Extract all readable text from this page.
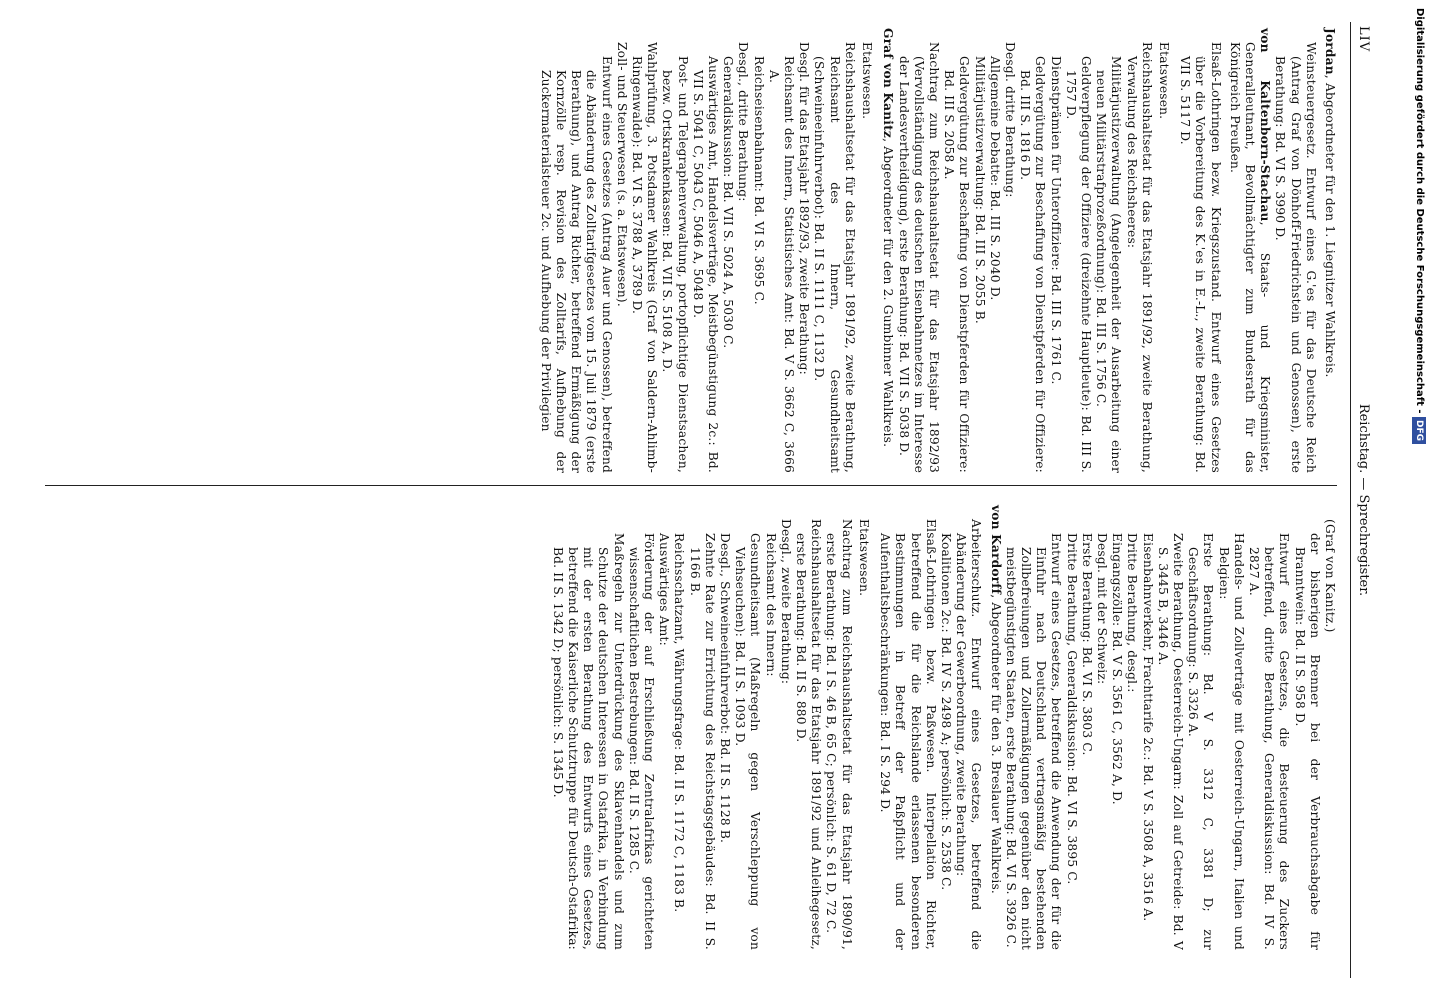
LIV
Reichstag. — Sprechregister.

Jordan, Abgeordneter für den 1. Liegnitzer Wahlkreis.

Weinsteuergesetz. Entwurf eines G.'es für das Deutsche Reich (Antrag Graf von Dönhoff-Friedrichstein und Genossen), erste Berathung: Bd. VI S. 3990 D.

von Kaltenborn-Stachau, Staats- und Kriegsminister, Generalleutnant, Bevollmächtigter zum Bundesrath für das Königreich Preußen.

Elsaß-Lothringen bezw. Kriegszustand. Entwurf eines Gesetzes über die Vorbereitung des K.'es in E.-L., zweite Berathung: Bd. VII S. 5117 D.

Etatswesen.

Reichshaushaltsetat für das Etatsjahr 1891/92, zweite Berathung, Verwaltung des Reichsheeres:

Militärjustizverwaltung (Angelegenheit der Ausarbeitung einer neuen Militärstrafprozeßordnung): Bd. III S. 1756 C.

Geldverpflegung der Offiziere (dreizehnte Hauptleute): Bd. III S. 1757 D.

Dienstprämien für Unteroffiziere: Bd. III S. 1761 C.

Geldvergütung zur Beschaffung von Dienstpferden für Offiziere: Bd. III S. 1816 D.

Desgl. dritte Berathung:

Allgemeine Debatte: Bd. III S. 2040 D.

Militärjustizverwaltung: Bd. III S. 2055 B.

Geldvergütung zur Beschaffung von Dienstpferden für Offiziere: Bd. III S. 2058 A.

Nachtrag zum Reichshaushaltsetat für das Etatsjahr 1892/93 (Vervollständigung des deutschen Eisenbahnnetzes im Interesse der Landesvertheidigung), erste Berathung: Bd. VII S. 5038 D.

Graf von Kanitz, Abgeordneter für den 2. Gumbinner Wahlkreis.

Etatswesen.

Reichshaushaltsetat für das Etatsjahr 1891/92, zweite Berathung, Reichsamt des Innern, Gesundheitsamt (Schweineeinfuhrverbot): Bd. II S. 1111 C, 1132 D.

Desgl. für das Etatsjahr 1892/93, zweite Berathung:

Reichsamt des Innern, Statistisches Amt: Bd. V S. 3662 C, 3666 A.

Reichseisenbahnamt: Bd. VI S. 3695 C.

Desgl., dritte Berathung:

Generaldiskussion: Bd. VII S. 5024 A, 5030 C.

Auswärtiges Amt, Handelsverträge, Meistbegünstigung 2c.: Bd. VII S. 5041 C, 5043 C, 5046 A, 5048 D.

Post- und Telegraphenverwaltung, portopflichtige Dienstsachen, bezw. Ortskrankenkassen: Bd. VII S. 5108 A, D.

Wahlprüfung, 3. Potsdamer Wahlkreis (Graf von Saldern-Ahlimb-Ringenwalde): Bd. VI S. 3788 A, 3789 D.

Zoll- und Steuerwesen (s. a. Etatswesen).

Entwurf eines Gesetzes (Antrag Auer und Genossen), betreffend die Abänderung des Zolltarifgesetzes vom 15. Juli 1879 (erste Berathung), und Antrag Richter, betreffend Ermäßigung der Kornzölle resp. Revision des Zolltarifs, Aufhebung der Zuckermaterialsteuer 2c. und Aufhebung der Privilegien

(Graf von Kanitz.)

der bisherigen Brenner bei der Verbrauchsabgabe für Branntwein: Bd. II S. 958 D.

Entwurf eines Gesetzes, die Besteuerung des Zuckers betreffend, dritte Berathung, Generaldiskussion: Bd. IV S. 2827 A.

Handels- und Zollverträge mit Oesterreich-Ungarn, Italien und Belgien:

Erste Berathung: Bd. V S. 3312 C, 3381 D; zur Geschäftsordnung: S. 3326 A.

Zweite Berathung, Oesterreich-Ungarn: Zoll auf Getreide: Bd. V S. 3445 B, 3446 A.

Eisenbahnverkehr, Frachttarife 2c.: Bd. V S. 3508 A, 3516 A.

Dritte Berathung, desgl.:

Eingangszölle: Bd. V S. 3561 C, 3562 A, D.

Desgl. mit der Schweiz:

Erste Berathung: Bd. VI S. 3803 C.

Dritte Berathung, Generaldiskussion: Bd. VI S. 3895 C.

Entwurf eines Gesetzes, betreffend die Anwendung der für die Einfuhr nach Deutschland vertragsmäßig bestehenden Zollbefreiungen und Zollermäßigungen gegenüber den nicht meistbegünstigten Staaten, erste Berathung: Bd. VI S. 3926 C.

von Kardorff, Abgeordneter für den 3. Breslauer Wahlkreis.

Arbeiterschutz. Entwurf eines Gesetzes, betreffend die Abänderung der Gewerbeordnung, zweite Berathung:

Koalitionen 2c.: Bd. IV S. 2498 A; persönlich: S. 2538 C.

Elsaß-Lothringen bezw. Paßwesen. Interpellation Richter, betreffend die für die Reichslande erlassenen besonderen Bestimmungen in Betreff der Paßpflicht und der Aufenthaltsbeschränkungen: Bd. I S. 294 D.

Etatswesen.

Nachtrag zum Reichshaushaltsetat für das Etatsjahr 1890/91, erste Berathung: Bd. I S. 46 B, 65 C; persönlich: S. 61 D, 72 C.

Reichshaushaltsetat für das Etatsjahr 1891/92 und Anleihegesetz, erste Berathung: Bd. II S. 880 D.

Desgl., zweite Berathung:

Reichsamt des Innern:

Gesundheitsamt (Maßregeln gegen Verschleppung von Viehseuchen): Bd. II S. 1093 D.

Desgl., Schweineeinfuhrverbot: Bd. II S. 1128 B.

Zehnte Rate zur Errichtung des Reichstagsgebäudes: Bd. II S. 1166 B.

Reichsschatzamt, Währungsfrage: Bd. II S. 1172 C, 1183 B.

Auswärtiges Amt:

Förderung der auf Erschließung Zentralafrikas gerichteten wissenschaftlichen Bestrebungen: Bd. II S. 1285 C.

Maßregeln zur Unterdrückung des Sklavenhandels und zum Schutze der deutschen Interessen in Ostafrika, in Verbindung mit der ersten Berathung des Entwurfs eines Gesetzes, betreffend die Kaiserliche Schutztruppe für Deutsch-Ostafrika: Bd. II S. 1342 D; persönlich: S. 1345 D.

Digitalisierung gefördert durch die Deutsche Forschungsgemeinschaft - DFG
